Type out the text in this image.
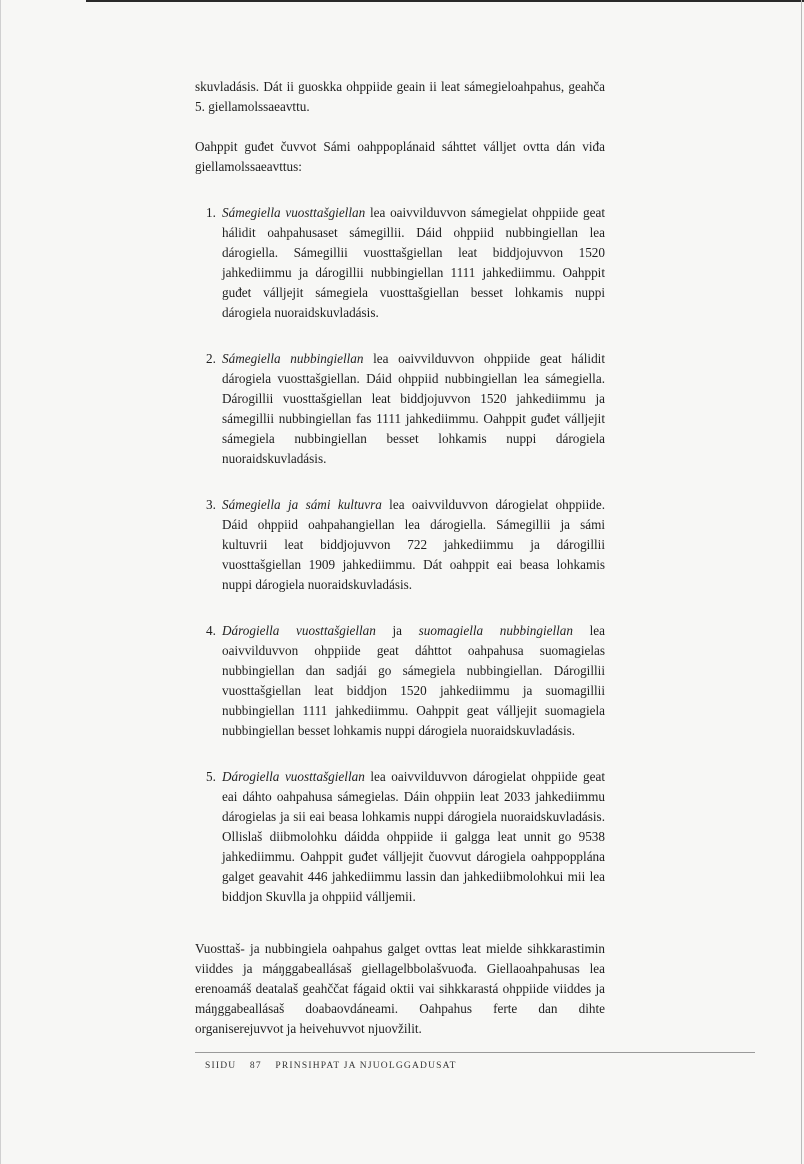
skuvladásis. Dát ii guoskka ohppiide geain ii leat sámegieloahpahus, geahča 5. giellamolssaeavttu.

Oahppit guđet čuvvot Sámi oahppoplánaid sáhttet válljet ovtta dán viđa giellamolssaeavttus:

1. Sámegiella vuosttašgiellan lea oaivvilduvvon sámegielat ohppiide geat hálidit oahpahusaset sámegillii. Dáid ohppiid nubbingiellan lea dárogiella. Sámegillii vuosttašgiellan leat biddjojuvvon 1520 jahkediimmu ja dárogillii nubbingiellan 1111 jahkediimmu. Oahppit guđet válljejit sámegiela vuosttašgiellan besset lohkamis nuppi dárogiela nuoraidskuvladásis.
2. Sámegiella nubbingiellan lea oaivvilduvvon ohppiide geat hálidit dárogiela vuosttašgiellan. Dáid ohppiid nubbingiellan lea sámegiella. Dárogillii vuosttašgiellan leat biddjojuvvon 1520 jahkediimmu ja sámegillii nubbingiellan fas 1111 jahkediimmu. Oahppit guđet válljejit sámegiela nubbingiellan besset lohkamis nuppi dárogiela nuoraidskuvladásis.
3. Sámegiella ja sámi kultuvra lea oaivvilduvvon dárogielat ohppiide. Dáid ohppiid oahpahangiellan lea dárogiella. Sámegillii ja sámi kultuvrii leat biddjojuvvon 722 jahkediimmu ja dárogillii vuosttašgiellan 1909 jahkediimmu. Dát oahppit eai beasa lohkamis nuppi dárogiela nuoraidskuvladásis.
4. Dárogiella vuosttašgiellan ja suomagiella nubbingiellan lea oaivvilduvvon ohppiide geat dáhttot oahpahusa suomagielas nubbingiellan dan sadjái go sámegiela nubbingiellan. Dárogillii vuosttašgiellan leat biddjon 1520 jahkediimmu ja suomagillii nubbingiellan 1111 jahkediimmu. Oahppit geat válljejit suomagiela nubbingiellan besset lohkamis nuppi dárogiela nuoraidskuvladásis.
5. Dárogiella vuosttašgiellan lea oaivvilduvvon dárogielat ohppiide geat eai dáhto oahpahusa sámegielas. Dáin ohppiin leat 2033 jahkediimmu dárogielas ja sii eai beasa lohkamis nuppi dárogiela nuoraidskuvladásis. Ollislaš diibmolohku dáidda ohppiide ii galgga leat unnit go 9538 jahkediimmu. Oahppit guđet válljejit čuovvut dárogiela oahppopplána galget geavahit 446 jahkediimmu lassin dan jahkediibmolohkui mii lea biddjon Skuvlla ja ohppiid válljemii.

Vuosttaš- ja nubbingiela oahpahus galget ovttas leat mielde sihkkarastimin viiddes ja máŋggabeallásaš giellagelbbolašvuođa. Giellaoahpahusas lea erenoamáš deatalaš geahččat fágaid oktii vai sihkkarastá ohppiide viiddes ja máŋggabeallásaš doabaovdáneami. Oahpahus ferte dan dihte organiserejuvvot ja heivehuvvot njuovžilit.

SIIDU 87 PRINSIHPAT JA NJUOLGGADUSAT
